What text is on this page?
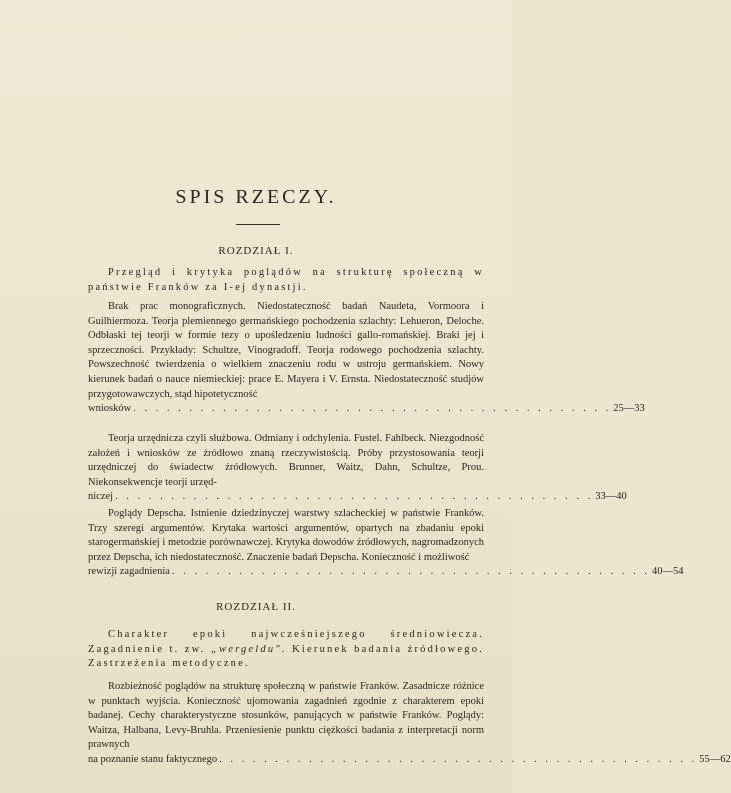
SPIS RZECZY.
ROZDZIAŁ I.
Przegląd i krytyka poglądów na strukturę społeczną w państwie Franków za I-ej dynastji.
Brak prac monograficznych. Niedostateczność badań Naudeta, Vormoora i Guilhiermoza. Teorja plemiennego germańskiego pochodzenia szlachty: Lehueron, Deloche. Odbłaski tej teorji w formie tezy o upośledzeniu ludności gallo-romańskiej. Braki jej i sprzeczności. Przykłady: Schultze, Vinogradoff. Teorja rodowego pochodzenia szlachty. Powszechność twierdzenia o wielkiem znaczeniu rodu w ustroju germańskiem. Nowy kierunek badań o nauce niemieckiej: prace E. Mayera i V. Ernsta. Niedostateczność studjów przygotowawczych, stąd hipotetyczność
wniosków . . . . . . . . . . . . . . . . . . . . . . . . . . . . . . . . . . . . . . . . . . . 25—33
Teorja urzędnicza czyli służbowa. Odmiany i odchylenia. Fustel. Fahlbeck. Niezgodność założeń i wniosków ze źródłowo znaną rzeczywistością. Próby przystosowania teorji urzędniczej do świadectw źródłowych. Brunner, Waitz, Dahn, Schultze, Prou. Niekonsekwencje teorji urzęd-
niczej . . . . . . . . . . . . . . . . . . . . . . . . . . . . . . . . . . . . . . . . . . . 33—40
Poglądy Depscha. Istnienie dziedzinyczej warstwy szlacheckiej w państwie Franków. Trzy szeregi argumentów. Krytaka wartości argumentów, opartych na zbadaniu epoki starogermańskiej i metodzie porównawczej. Krytyka dowodów źródłowych, nagromadzonych przez Depscha, ich niedostateczność. Znaczenie badań Depscha. Konieczność i możliwość
rewizji zagadnienia . . . . . . . . . . . . . . . . . . . . . . . . . . . . . . . . . . . . . . . . . . . 40—54
ROZDZIAŁ II.
Charakter epoki najwcześniejszego średniowiecza. Zagadnienie t. zw. „wergeldu". Kierunek badania źródłowego. Zastrzeżenia metodyczne.
Rozbieżność poglądów na strukturę społeczną w państwie Franków. Zasadnicze różnice w punktach wyjścia. Konieczność ujomowania zagadnień zgodnie z charakterem epoki badanej. Cechy charakterystyczne stosunków, panujących w państwie Franków. Poglądy: Waitza, Halbana, Levy-Bruhla. Przeniesienie punktu ciężkości badania z interpretacji norm prawnych
na poznanie stanu faktycznego . . . . . . . . . . . . . . . . . . . . . . . . . . . . . . . . . . . . . . . . . . . 55—62
